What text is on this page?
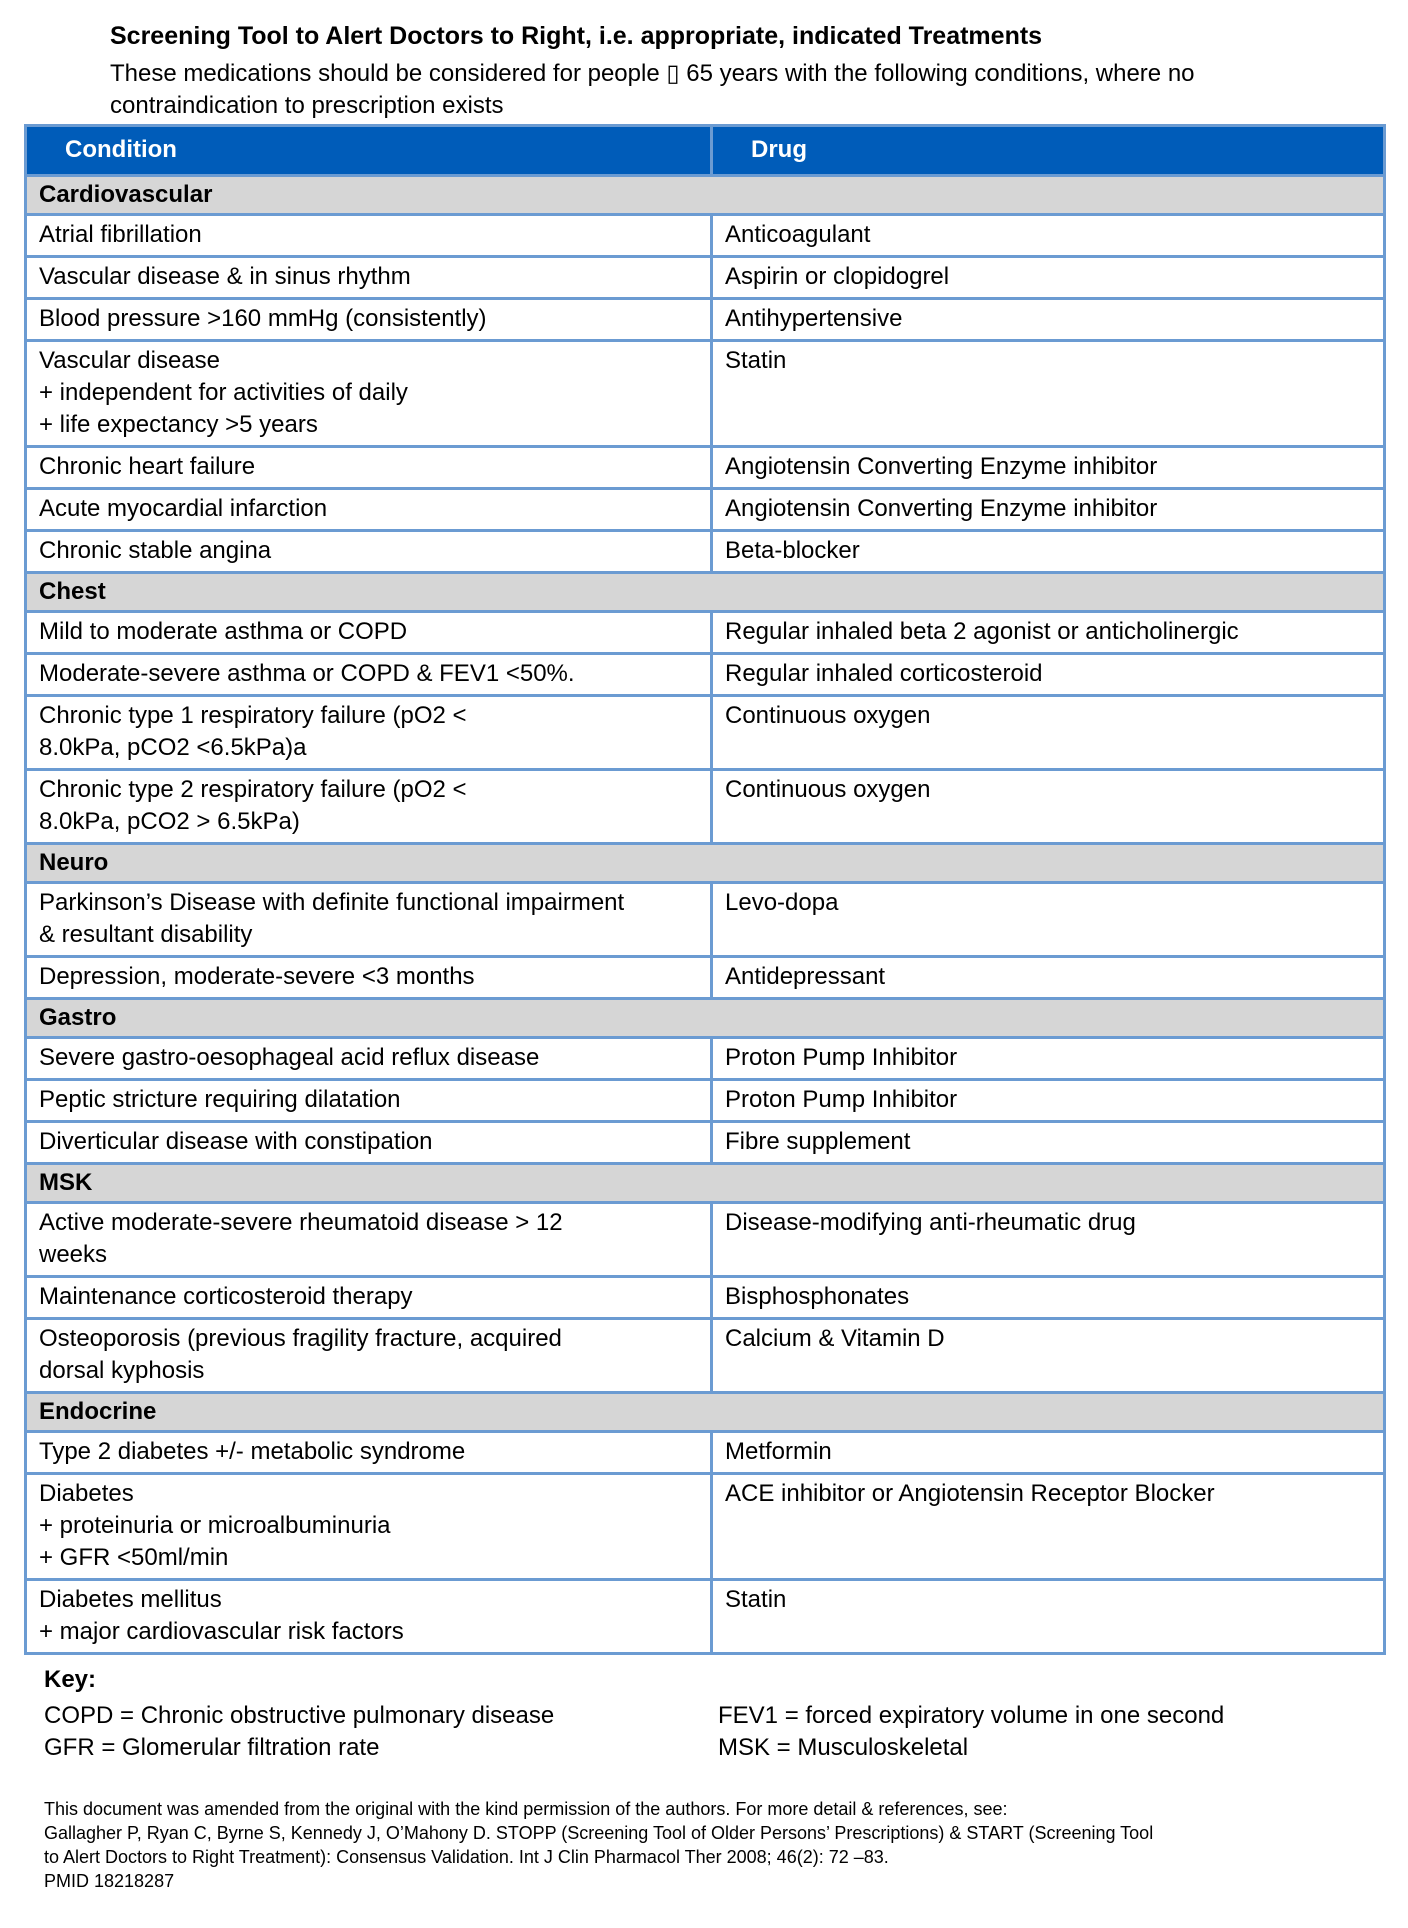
Screening Tool to Alert Doctors to Right, i.e. appropriate, indicated Treatments
These medications should be considered for people ▯ 65 years with the following conditions, where no contraindication to prescription exists
Condition	Drug
Cardiovascular	
Atrial fibrillation	Anticoagulant
Vascular disease & in sinus rhythm	Aspirin or clopidogrel
Blood pressure >160 mmHg (consistently)	Antihypertensive
Vascular disease
+ independent for activities of daily
+ life expectancy >5 years	Statin
Chronic heart failure	Angiotensin Converting Enzyme inhibitor
Acute myocardial infarction	Angiotensin Converting Enzyme inhibitor
Chronic stable angina	Beta-blocker
Chest	
Mild to moderate asthma or COPD	Regular inhaled beta 2 agonist or anticholinergic
Moderate-severe asthma or COPD & FEV1 <50%.	Regular inhaled corticosteroid
Chronic type 1 respiratory failure (pO2 <
8.0kPa, pCO2 <6.5kPa)a	Continuous oxygen
Chronic type 2 respiratory failure (pO2 <
8.0kPa, pCO2 > 6.5kPa)	Continuous oxygen
Neuro	
Parkinson’s Disease with definite functional impairment
& resultant disability	Levo-dopa
Depression, moderate-severe <3 months	Antidepressant
Gastro	
Severe gastro-oesophageal acid reflux disease	Proton Pump Inhibitor
Peptic stricture requiring dilatation	Proton Pump Inhibitor
Diverticular disease with constipation	Fibre supplement
MSK	
Active moderate-severe rheumatoid disease > 12
weeks	Disease-modifying anti-rheumatic drug
Maintenance corticosteroid therapy	Bisphosphonates
Osteoporosis (previous fragility fracture, acquired
dorsal kyphosis	Calcium & Vitamin D
Endocrine	
Type 2 diabetes +/- metabolic syndrome	Metformin
Diabetes
+ proteinuria or microalbuminuria
+ GFR <50ml/min	ACE inhibitor or Angiotensin Receptor Blocker
Diabetes mellitus
+ major cardiovascular risk factors	Statin
Key:
COPD = Chronic obstructive pulmonary disease
GFR = Glomerular filtration rate
FEV1 = forced expiratory volume in one second
MSK = Musculoskeletal
This document was amended from the original with the kind permission of the authors. For more detail & references, see:
Gallagher P, Ryan C, Byrne S, Kennedy J, O’Mahony D. STOPP (Screening Tool of Older Persons’ Prescriptions) & START (Screening Tool
to Alert Doctors to Right Treatment): Consensus Validation. Int J Clin Pharmacol Ther 2008; 46(2): 72 –83.
PMID 18218287
